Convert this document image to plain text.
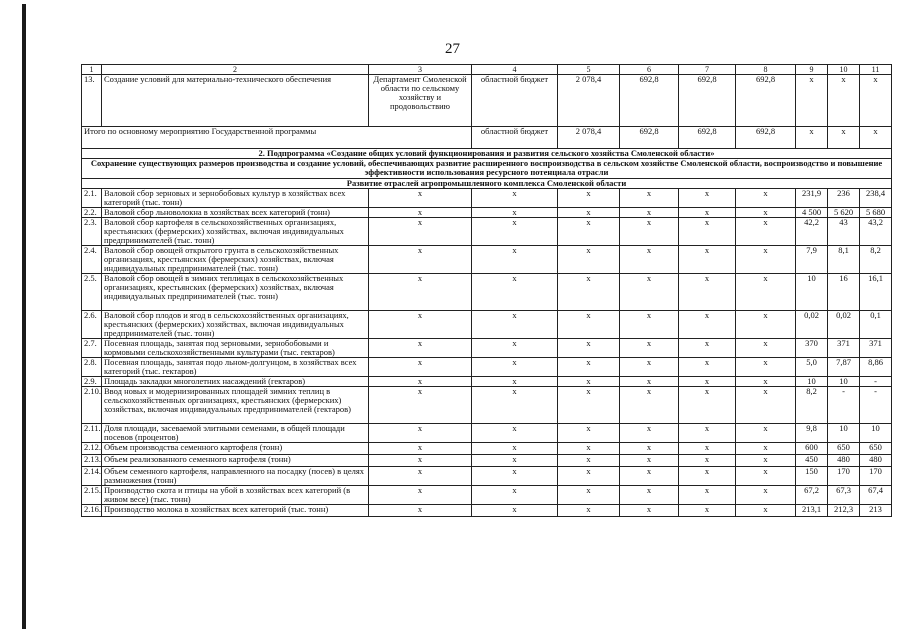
27
1	2	3	4	5	6	7	8	9	10	11
13.	Создание условий для материально-технического обеспечения	Департамент Смоленской области по сельскому хозяйству и продовольствию	областной бюджет	2 078,4	692,8	692,8	692,8	х	х	х
Итого по основному мероприятию Государственной программы			областной бюджет	2 078,4	692,8	692,8	692,8	х	х	х
2. Подпрограмма «Создание общих условий функционирования и развития сельского хозяйства Смоленской области»										
Сохранение существующих размеров производства и создание условий, обеспечивающих развитие расширенного воспроизводства в сельском хозяйстве Смоленской области, воспроизводство и повышение эффективности использования ресурсного потенциала отрасли										
Развитие отраслей агропромышленного комплекса Смоленской области										
2.1.	Валовой сбор зерновых и зернобобовых культур в хозяйствах всех категорий (тыс. тонн)	х	х	х	х	х	х	231,9	236	238,4
2.2.	Валовой сбор льноволокна в хозяйствах всех категорий (тонн)	х	х	х	х	х	х	4 500	5 620	5 680
2.3.	Валовой сбор картофеля в сельскохозяйственных организациях, крестьянских (фермерских) хозяйствах, включая индивидуальных предпринимателей (тыс. тонн)	х	х	х	х	х	х	42,2	43	43,2
2.4.	Валовой сбор овощей открытого грунта в сельскохозяйственных организациях, крестьянских (фермерских) хозяйствах, включая индивидуальных предпринимателей (тыс. тонн)	х	х	х	х	х	х	7,9	8,1	8,2
2.5.	Валовой сбор овощей в зимних теплицах в сельскохозяйственных организациях, крестьянских (фермерских) хозяйствах, включая индивидуальных предпринимателей (тыс. тонн)	х	х	х	х	х	х	10	16	16,1
2.6.	Валовой сбор плодов и ягод в сельскохозяйственных организациях, крестьянских (фермерских) хозяйствах, включая индивидуальных предпринимателей (тыс. тонн)	х	х	х	х	х	х	0,02	0,02	0,1
2.7.	Посевная площадь, занятая под зерновыми, зернобобовыми и кормовыми сельскохозяйственными культурами (тыс. гектаров)	х	х	х	х	х	х	370	371	371
2.8.	Посевная площадь, занятая подо льном-долгунцом, в хозяйствах всех категорий (тыс. гектаров)	х	х	х	х	х	х	5,0	7,87	8,86
2.9.	Площадь закладки многолетних насаждений (гектаров)	х	х	х	х	х	х	10	10	-
2.10.	Ввод новых и модернизированных площадей зимних теплиц в сельскохозяйственных организациях, крестьянских (фермерских) хозяйствах, включая индивидуальных предпринимателей (гектаров)	х	х	х	х	х	х	8,2	-	-
2.11.	Доля площади, засеваемой элитными семенами, в общей площади посевов (процентов)	х	х	х	х	х	х	9,8	10	10
2.12.	Объем производства семенного картофеля (тонн)	х	х	х	х	х	х	600	650	650
2.13.	Объем реализованного семенного картофеля (тонн)	х	х	х	х	х	х	450	480	480
2.14.	Объем семенного картофеля, направленного на посадку (посев) в целях размножения (тонн)	х	х	х	х	х	х	150	170	170
2.15.	Производство скота и птицы на убой в хозяйствах всех категорий (в живом весе) (тыс. тонн)	х	х	х	х	х	х	67,2	67,3	67,4
2.16.	Производство молока в хозяйствах всех категорий (тыс. тонн)	х	х	х	х	х	х	213,1	212,3	213
